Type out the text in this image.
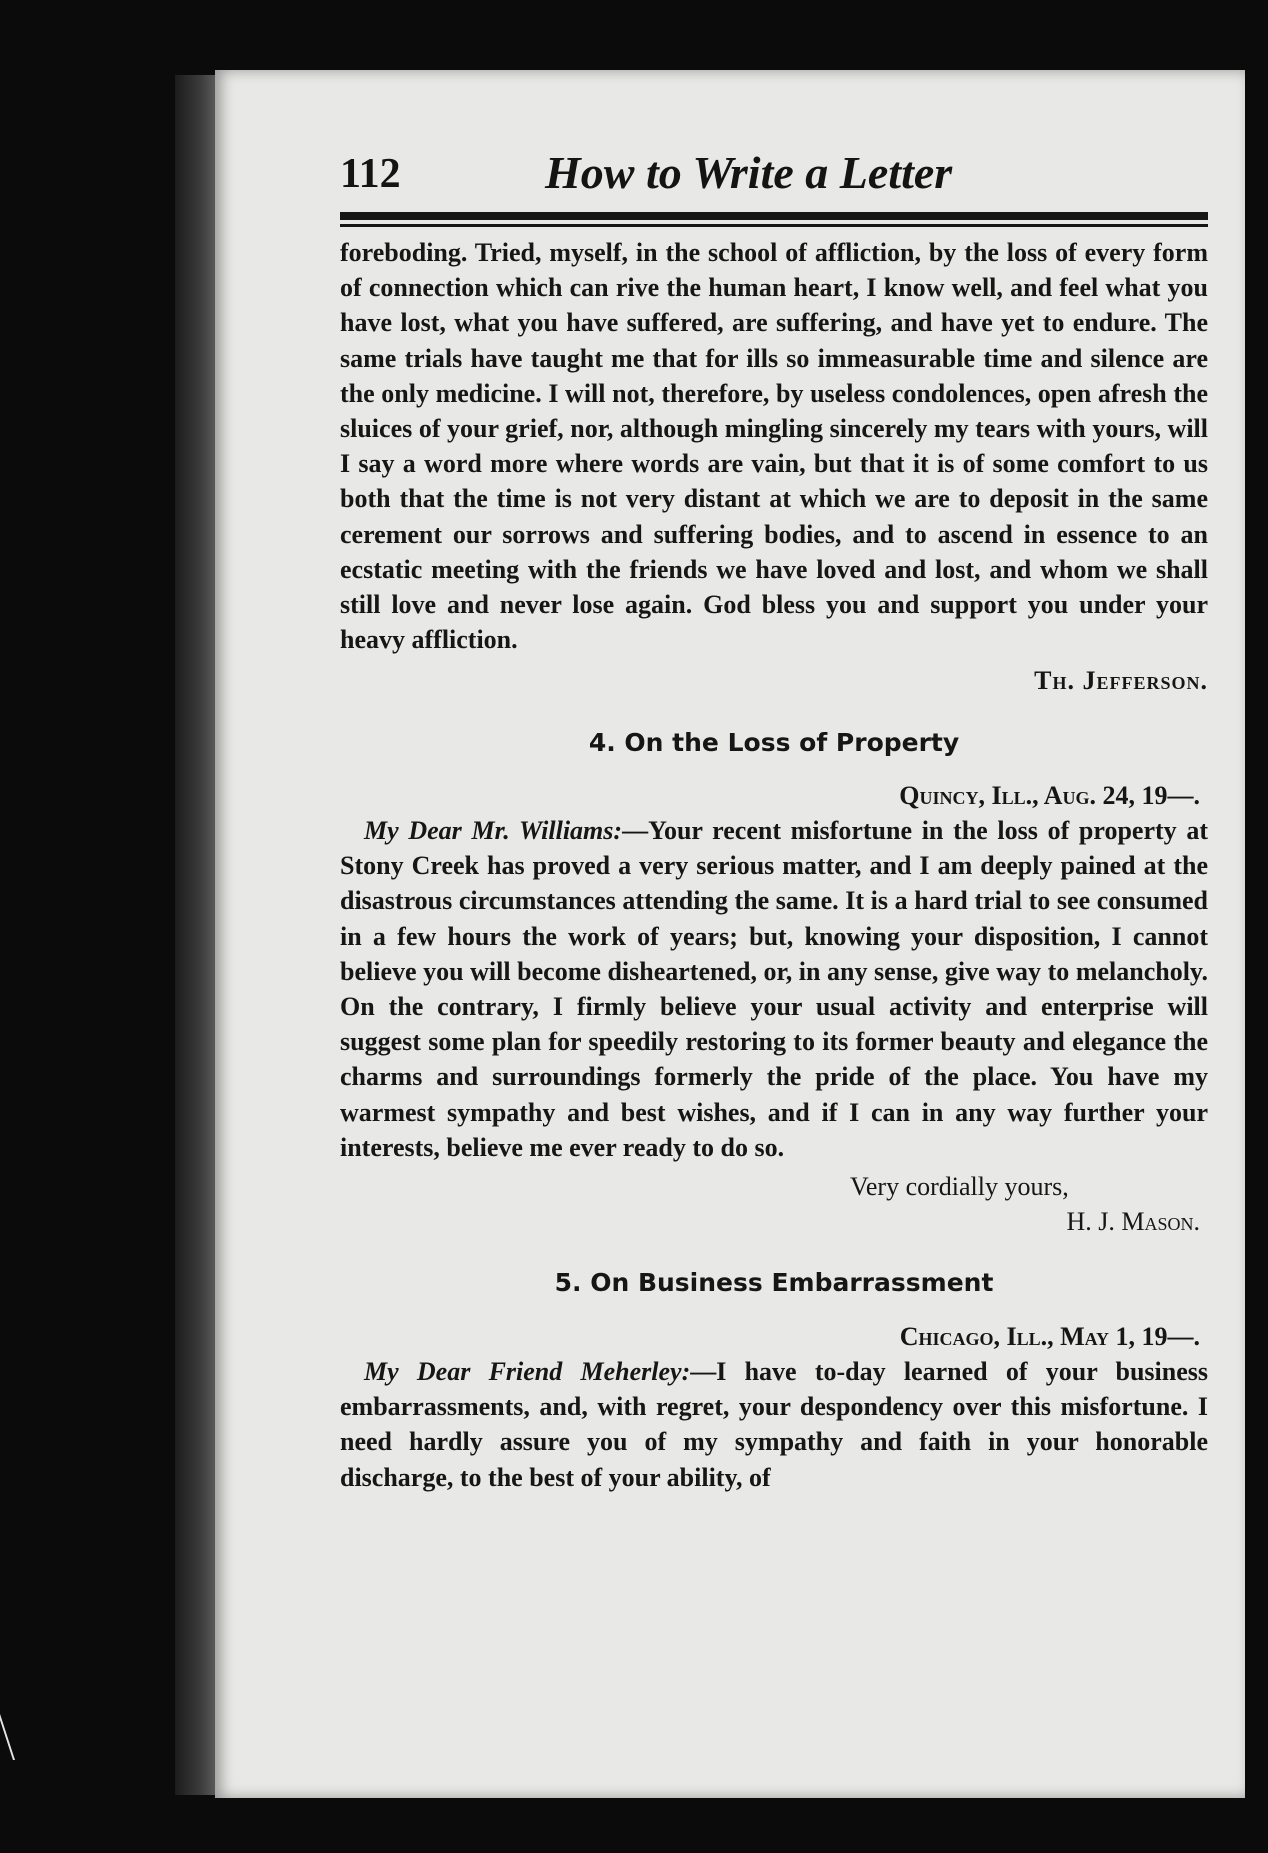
112	How to Write a Letter

foreboding. Tried, myself, in the school of affliction, by the loss of every form of connection which can rive the human heart, I know well, and feel what you have lost, what you have suffered, are suffering, and have yet to endure. The same trials have taught me that for ills so immeasurable time and silence are the only medicine. I will not, therefore, by useless condolences, open afresh the sluices of your grief, nor, although mingling sincerely my tears with yours, will I say a word more where words are vain, but that it is of some comfort to us both that the time is not very distant at which we are to deposit in the same cerement our sorrows and suffering bodies, and to ascend in essence to an ecstatic meeting with the friends we have loved and lost, and whom we shall still love and never lose again. God bless you and support you under your heavy affliction.

Th. Jefferson.
4. On the Loss of Property
Quincy, Ill., Aug. 24, 19—.

My Dear Mr. Williams:—Your recent misfortune in the loss of property at Stony Creek has proved a very serious matter, and I am deeply pained at the disastrous circumstances attending the same. It is a hard trial to see consumed in a few hours the work of years; but, knowing your disposition, I cannot believe you will become disheartened, or, in any sense, give way to melancholy. On the contrary, I firmly believe your usual activity and enterprise will suggest some plan for speedily restoring to its former beauty and elegance the charms and surroundings formerly the pride of the place. You have my warmest sympathy and best wishes, and if I can in any way further your interests, believe me ever ready to do so.

Very cordially yours,
H. J. Mason.
5. On Business Embarrassment
Chicago, Ill., May 1, 19—.

My Dear Friend Meherley:—I have to-day learned of your business embarrassments, and, with regret, your despondency over this misfortune. I need hardly assure you of my sympathy and faith in your honorable discharge, to the best of your ability, of
